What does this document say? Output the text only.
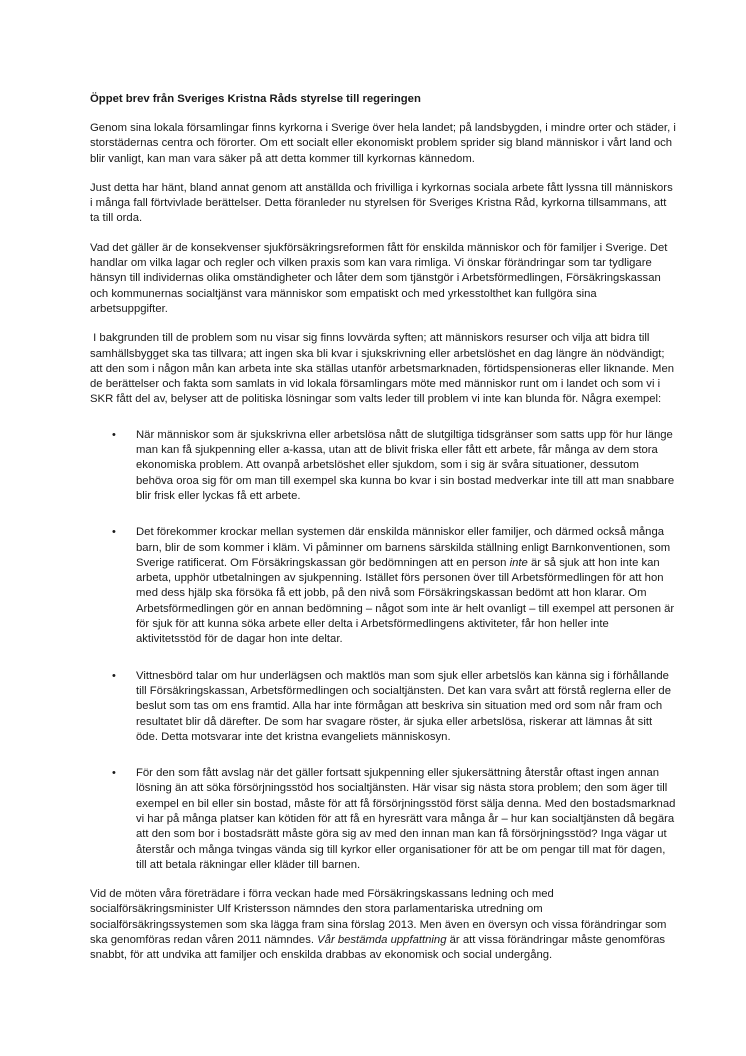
Öppet brev från Sveriges Kristna Råds styrelse till regeringen

Genom sina lokala församlingar finns kyrkorna i Sverige över hela landet; på landsbygden, i mindre orter och städer, i storstädernas centra och förorter. Om ett socialt eller ekonomiskt problem sprider sig bland människor i vårt land och blir vanligt, kan man vara säker på att detta kommer till kyrkornas kännedom.

Just detta har hänt, bland annat genom att anställda och frivilliga i kyrkornas sociala arbete fått lyssna till människors i många fall förtvivlade berättelser. Detta föranleder nu styrelsen för Sveriges Kristna Råd, kyrkorna tillsammans, att ta till orda.

Vad det gäller är de konsekvenser sjukförsäkringsreformen fått för enskilda människor och för familjer i Sverige. Det handlar om vilka lagar och regler och vilken praxis som kan vara rimliga. Vi önskar förändringar som tar tydligare hänsyn till individernas olika omständigheter och låter dem som tjänstgör i Arbetsförmedlingen, Försäkringskassan och kommunernas socialtjänst vara människor som empatiskt och med yrkesstolthet kan fullgöra sina arbetsuppgifter.

I bakgrunden till de problem som nu visar sig finns lovvärda syften; att människors resurser och vilja att bidra till samhällsbygget ska tas tillvara; att ingen ska bli kvar i sjukskrivning eller arbetslöshet en dag längre än nödvändigt; att den som i någon mån kan arbeta inte ska ställas utanför arbetsmarknaden, förtidspensioneras eller liknande. Men de berättelser och fakta som samlats in vid lokala församlingars möte med människor runt om i landet och som vi i SKR fått del av, belyser att de politiska lösningar som valts leder till problem vi inte kan blunda för. Några exempel:

• När människor som är sjukskrivna eller arbetslösa nått de slutgiltiga tidsgränser som satts upp för hur länge man kan få sjukpenning eller a-kassa, utan att de blivit friska eller fått ett arbete, får många av dem stora ekonomiska problem. Att ovanpå arbetslöshet eller sjukdom, som i sig är svåra situationer, dessutom behöva oroa sig för om man till exempel ska kunna bo kvar i sin bostad medverkar inte till att man snabbare blir frisk eller lyckas få ett arbete.
• Det förekommer krockar mellan systemen där enskilda människor eller familjer, och därmed också många barn, blir de som kommer i kläm. Vi påminner om barnens särskilda ställning enligt Barnkonventionen, som Sverige ratificerat. Om Försäkringskassan gör bedömningen att en person inte är så sjuk att hon inte kan arbeta, upphör utbetalningen av sjukpenning. Istället förs personen över till Arbetsförmedlingen för att hon med dess hjälp ska försöka få ett jobb, på den nivå som Försäkringskassan bedömt att hon klarar. Om Arbetsförmedlingen gör en annan bedömning – något som inte är helt ovanligt – till exempel att personen är för sjuk för att kunna söka arbete eller delta i Arbetsförmedlingens aktiviteter, får hon heller inte aktivitetsstöd för de dagar hon inte deltar.
• Vittnesbörd talar om hur underlägsen och maktlös man som sjuk eller arbetslös kan känna sig i förhållande till Försäkringskassan, Arbetsförmedlingen och socialtjänsten. Det kan vara svårt att förstå reglerna eller de beslut som tas om ens framtid. Alla har inte förmågan att beskriva sin situation med ord som når fram och resultatet blir då därefter. De som har svagare röster, är sjuka eller arbetslösa, riskerar att lämnas åt sitt öde. Detta motsvarar inte det kristna evangeliets människosyn.
• För den som fått avslag när det gäller fortsatt sjukpenning eller sjukersättning återstår oftast ingen annan lösning än att söka försörjningsstöd hos socialtjänsten. Här visar sig nästa stora problem; den som äger till exempel en bil eller sin bostad, måste för att få försörjningsstöd först sälja denna. Med den bostadsmarknad vi har på många platser kan kötiden för att få en hyresrätt vara många år – hur kan socialtjänsten då begära att den som bor i bostadsrätt måste göra sig av med den innan man kan få försörjningsstöd? Inga vägar ut återstår och många tvingas vända sig till kyrkor eller organisationer för att be om pengar till mat för dagen, till att betala räkningar eller kläder till barnen.

Vid de möten våra företrädare i förra veckan hade med Försäkringskassans ledning och med socialförsäkringsminister Ulf Kristersson nämndes den stora parlamentariska utredning om socialförsäkringssystemen som ska lägga fram sina förslag 2013. Men även en översyn och vissa förändringar som ska genomföras redan våren 2011 nämndes. Vår bestämda uppfattning är att vissa förändringar måste genomföras snabbt, för att undvika att familjer och enskilda drabbas av ekonomisk och social undergång.
